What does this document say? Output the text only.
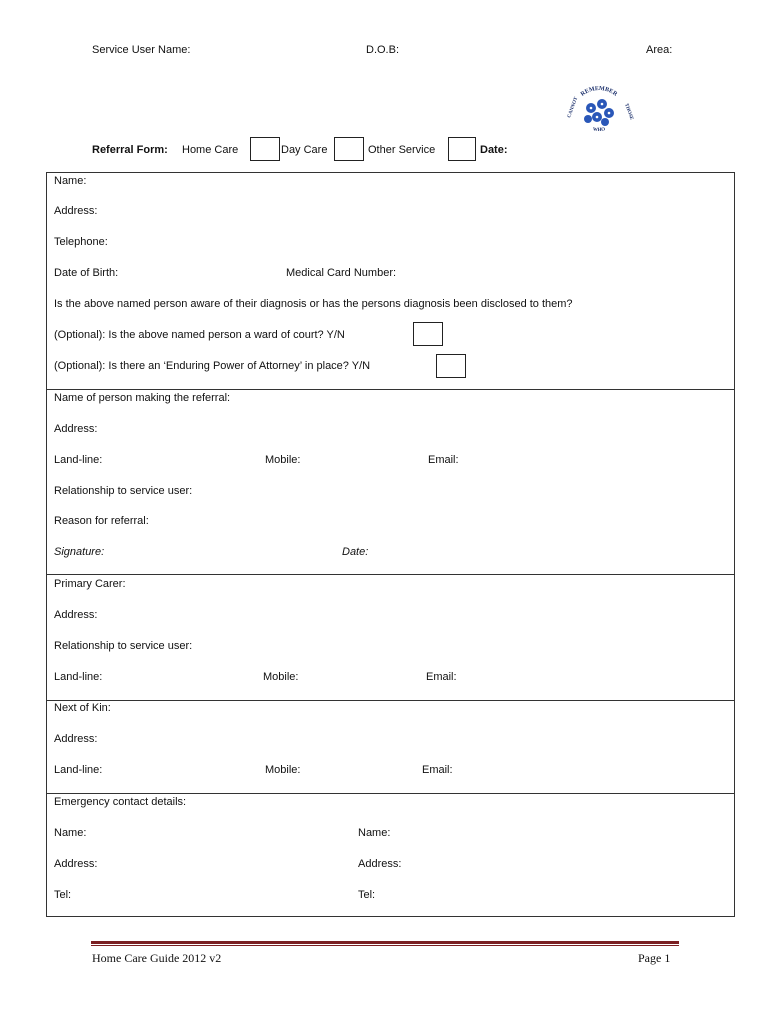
Service User Name:	D.O.B:	Area:
REMEMBER
WHO
CANNOT	THOSE
Referral Form: Home Care	Day Care	Other Service	Date:
Name:
Address:
Telephone:
Date of Birth:	Medical Card Number:
Is the above named person aware of their diagnosis or has the persons diagnosis been disclosed to them?
(Optional): Is the above named person a ward of court? Y/N
(Optional): Is there an ‘Enduring Power of Attorney’ in place? Y/N
Name of person making the referral:
Address:
Land-line:	Mobile:	Email:
Relationship to service user:
Reason for referral:
Signature:	Date:
Primary Carer:
Address:
Relationship to service user:
Land-line:	Mobile:	Email:
Next of Kin:
Address:
Land-line:	Mobile:	Email:
Emergency contact details:
Name:	Name:
Address:	Address:
Tel:	Tel:
Home Care Guide 2012 v2	Page 1
